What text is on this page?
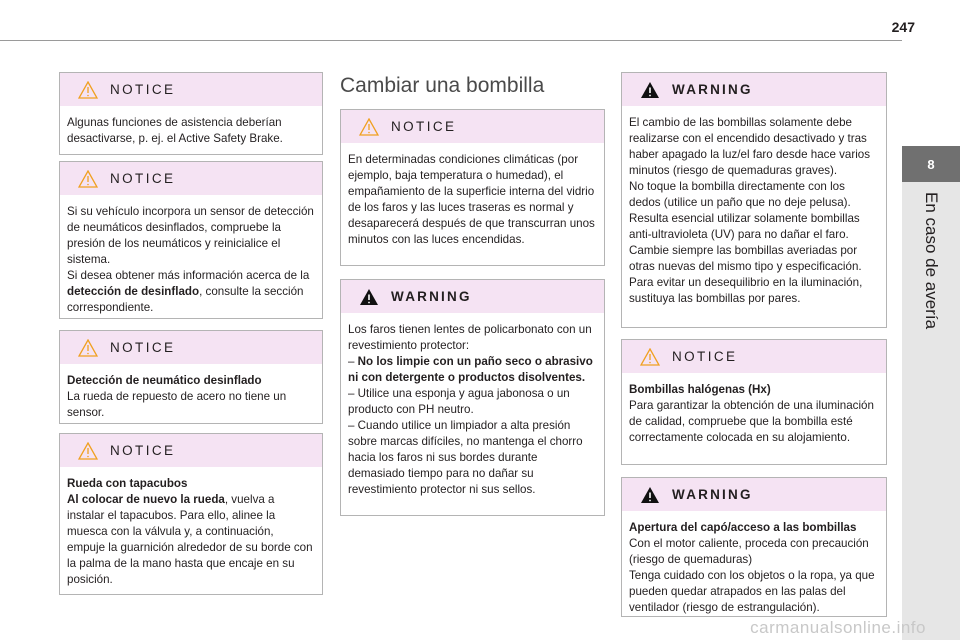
247
8
En caso de avería
NOTICE
Algunas funciones de asistencia deberían desactivarse, p. ej. el Active Safety Brake.
NOTICE
Si su vehículo incorpora un sensor de detección de neumáticos desinflados, compruebe la presión de los neumáticos y reinicialice el sistema.
Si desea obtener más información acerca de la detección de desinflado, consulte la sección correspondiente.
NOTICE
Detección de neumático desinflado
La rueda de repuesto de acero no tiene un sensor.
NOTICE
Rueda con tapacubos
Al colocar de nuevo la rueda, vuelva a instalar el tapacubos. Para ello, alinee la muesca con la válvula y, a continuación, empuje la guarnición alrededor de su borde con la palma de la mano hasta que encaje en su posición.
Cambiar una bombilla
NOTICE
En determinadas condiciones climáticas (por ejemplo, baja temperatura o humedad), el empañamiento de la superficie interna del vidrio de los faros y las luces traseras es normal y desaparecerá después de que transcurran unos minutos con las luces encendidas.
WARNING
Los faros tienen lentes de policarbonato con un revestimiento protector:
– No los limpie con un paño seco o abrasivo ni con detergente o productos disolventes.
– Utilice una esponja y agua jabonosa o un producto con PH neutro.
– Cuando utilice un limpiador a alta presión sobre marcas difíciles, no mantenga el chorro hacia los faros ni sus bordes durante demasiado tiempo para no dañar su revestimiento protector ni sus sellos.
WARNING
El cambio de las bombillas solamente debe realizarse con el encendido desactivado y tras haber apagado la luz/el faro desde hace varios minutos (riesgo de quemaduras graves).
No toque la bombilla directamente con los dedos (utilice un paño que no deje pelusa).
Resulta esencial utilizar solamente bombillas anti-ultravioleta (UV) para no dañar el faro.
Cambie siempre las bombillas averiadas por otras nuevas del mismo tipo y especificación.
Para evitar un desequilibrio en la iluminación, sustituya las bombillas por pares.
NOTICE
Bombillas halógenas (Hx)
Para garantizar la obtención de una iluminación de calidad, compruebe que la bombilla esté correctamente colocada en su alojamiento.
WARNING
Apertura del capó/acceso a las bombillas
Con el motor caliente, proceda con precaución (riesgo de quemaduras)
Tenga cuidado con los objetos o la ropa, ya que pueden quedar atrapados en las palas del ventilador (riesgo de estrangulación).
carmanualsonline.info
